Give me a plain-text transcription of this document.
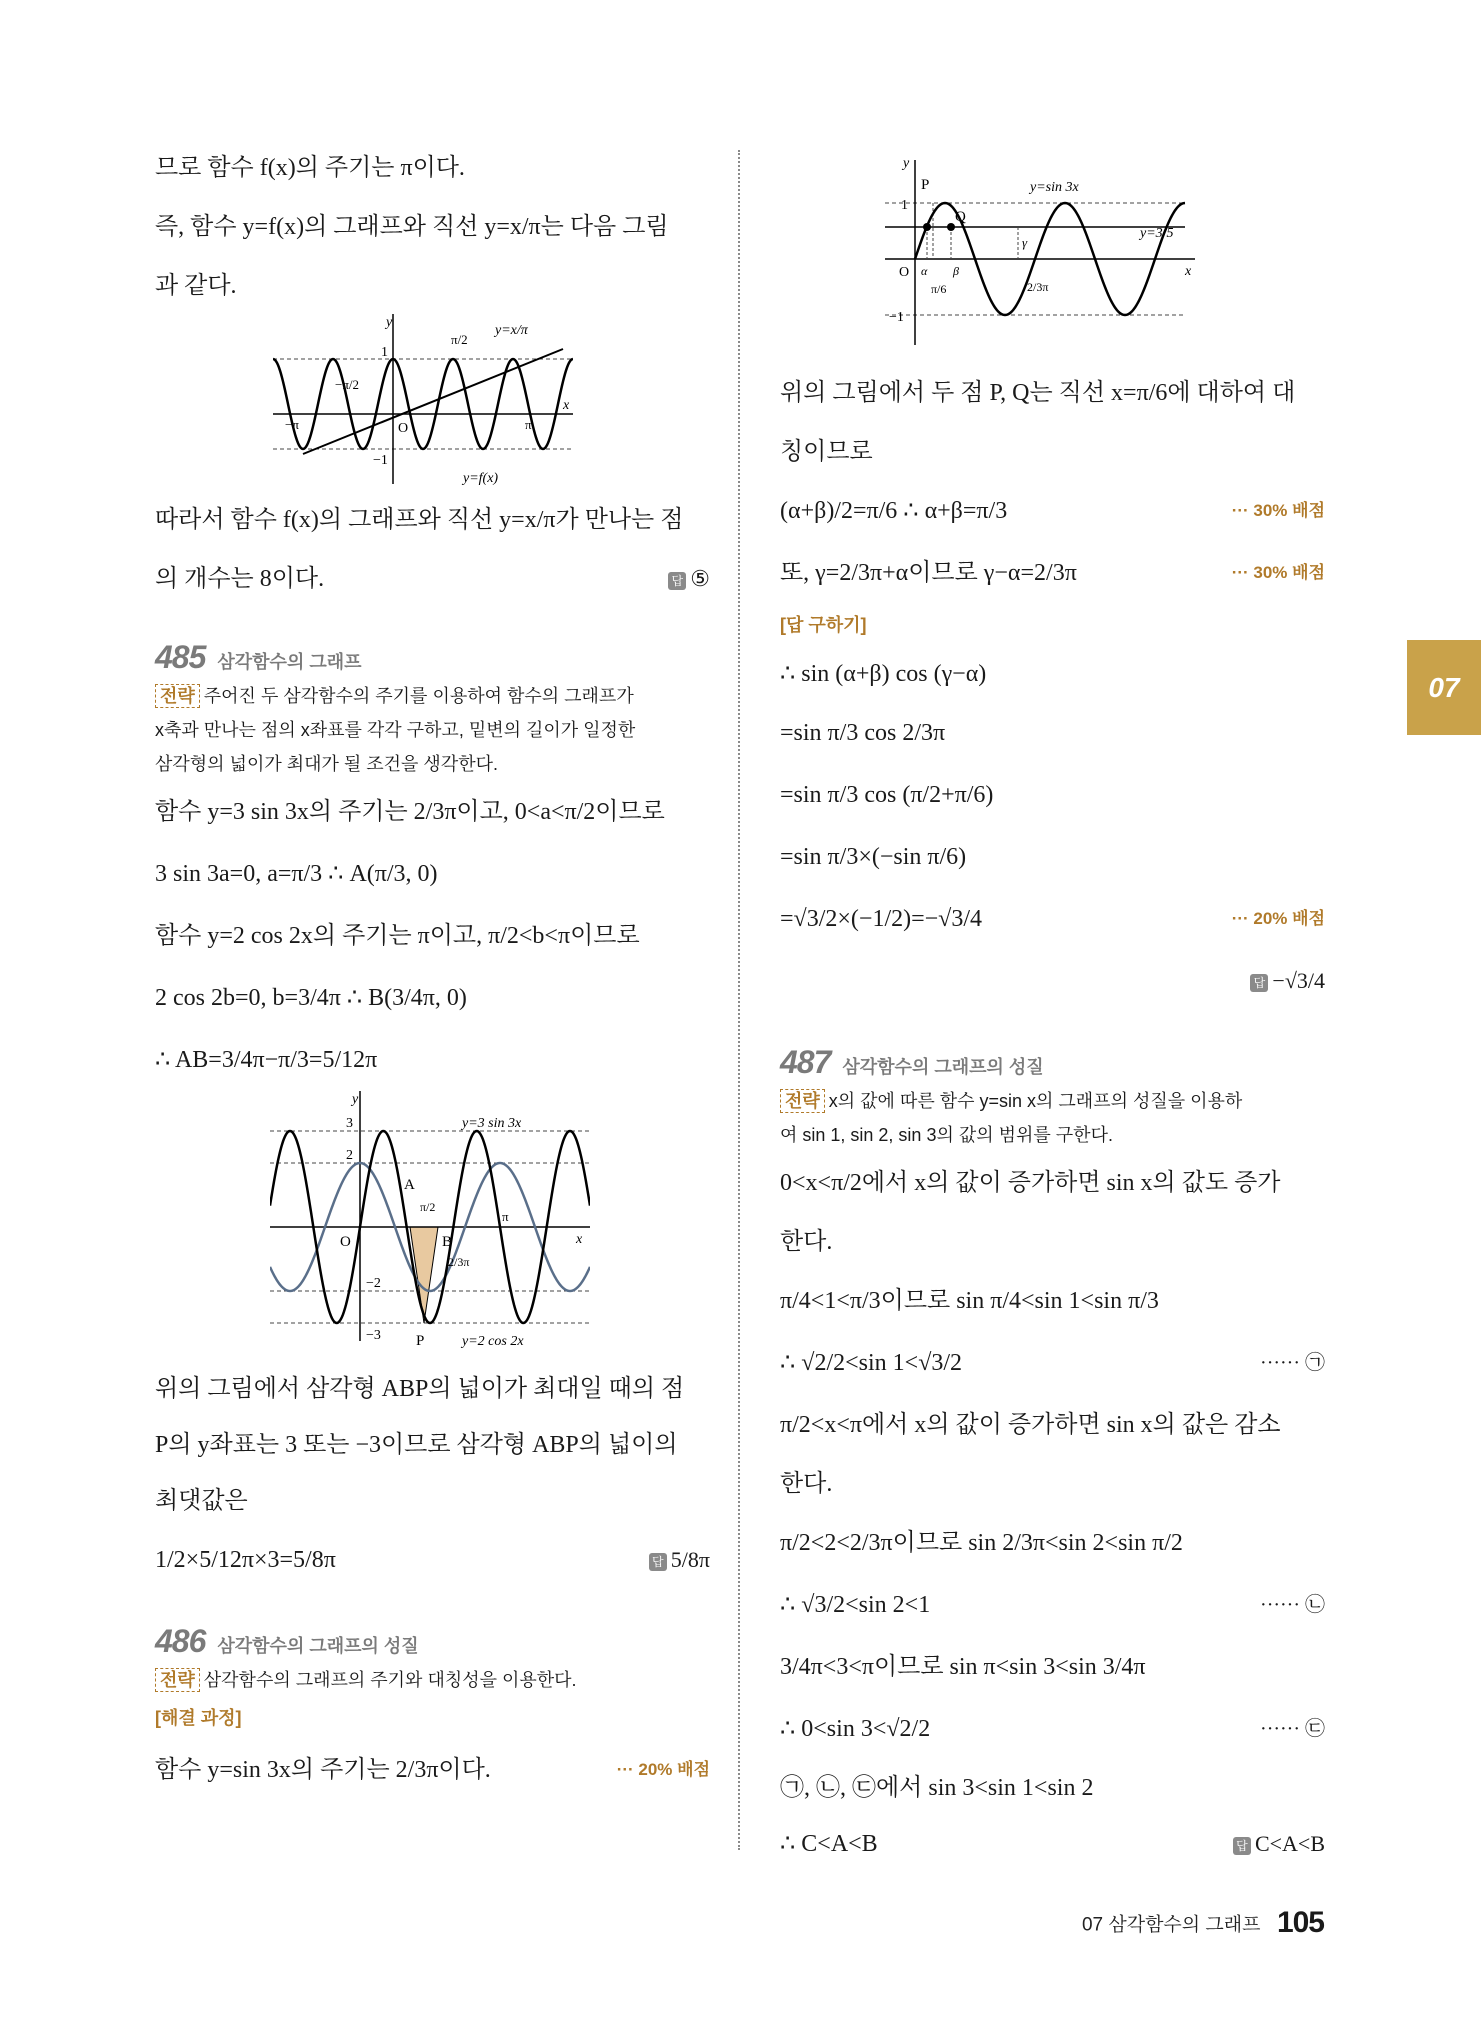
07
므로 함수 f(x)의 주기는 π이다.
즉, 함수 y=f(x)의 그래프와 직선 y=x/π는 다음 그림
과 같다.
y
x
1
−1
O
−π	π
−π/2
π/2
y=x/π
y=f(x)
따라서 함수 f(x)의 그래프와 직선 y=x/π가 만나는 점
의 개수는 8이다.	답 ⑤
485 삼각함수의 그래프
전략 주어진 두 삼각함수의 주기를 이용하여 함수의 그래프가
x축과 만나는 점의 x좌표를 각각 구하고, 밑변의 길이가 일정한
삼각형의 넓이가 최대가 될 조건을 생각한다.
함수 y=3 sin 3x의 주기는 2/3π이고, 0<a<π/2이므로
3 sin 3a=0, a=π/3 ∴ A(π/3, 0)
함수 y=2 cos 2x의 주기는 π이고, π/2<b<π이므로
2 cos 2b=0, b=3/4π ∴ B(3/4π, 0)
∴ AB=3/4π−π/3=5/12π
y
x
3
2
−2
−3
O
A
B
P
π/2
π
2/3π
y=3 sin 3x
y=2 cos 2x
위의 그림에서 삼각형 ABP의 넓이가 최대일 때의 점
P의 y좌표는 3 또는 −3이므로 삼각형 ABP의 넓이의
최댓값은
1/2×5/12π×3=5/8π	답 5/8π
486 삼각함수의 그래프의 성질
전략 삼각함수의 그래프의 주기와 대칭성을 이용한다.
[해결 과정]
함수 y=sin 3x의 주기는 2/3π이다.	··· 20% 배점
y
x
1
−1
O
P
Q
α β
γ
π/6	2/3π
y=sin 3x
y=3/5
위의 그림에서 두 점 P, Q는 직선 x=π/6에 대하여 대
칭이므로
(α+β)/2=π/6 ∴ α+β=π/3	··· 30% 배점
또, γ=2/3π+α이므로 γ−α=2/3π	··· 30% 배점
[답 구하기]
∴ sin (α+β) cos (γ−α)
=sin π/3 cos 2/3π
=sin π/3 cos (π/2+π/6)
=sin π/3×(−sin π/6)
=√3/2×(−1/2)=−√3/4	··· 20% 배점
답 −√3/4
487 삼각함수의 그래프의 성질
전략 x의 값에 따른 함수 y=sin x의 그래프의 성질을 이용하
여 sin 1, sin 2, sin 3의 값의 범위를 구한다.
0<x<π/2에서 x의 값이 증가하면 sin x의 값도 증가
한다.
π/4<1<π/3이므로 sin π/4<sin 1<sin π/3
∴ √2/2<sin 1<√3/2	······ ㉠
π/2<x<π에서 x의 값이 증가하면 sin x의 값은 감소
한다.
π/2<2<2/3π이므로 sin 2/3π<sin 2<sin π/2
∴ √3/2<sin 2<1	······ ㉡
3/4π<3<π이므로 sin π<sin 3<sin 3/4π
∴ 0<sin 3<√2/2	······ ㉢
㉠, ㉡, ㉢에서 sin 3<sin 1<sin 2
∴ C<A<B	답 C<A<B
07 삼각함수의 그래프 105
